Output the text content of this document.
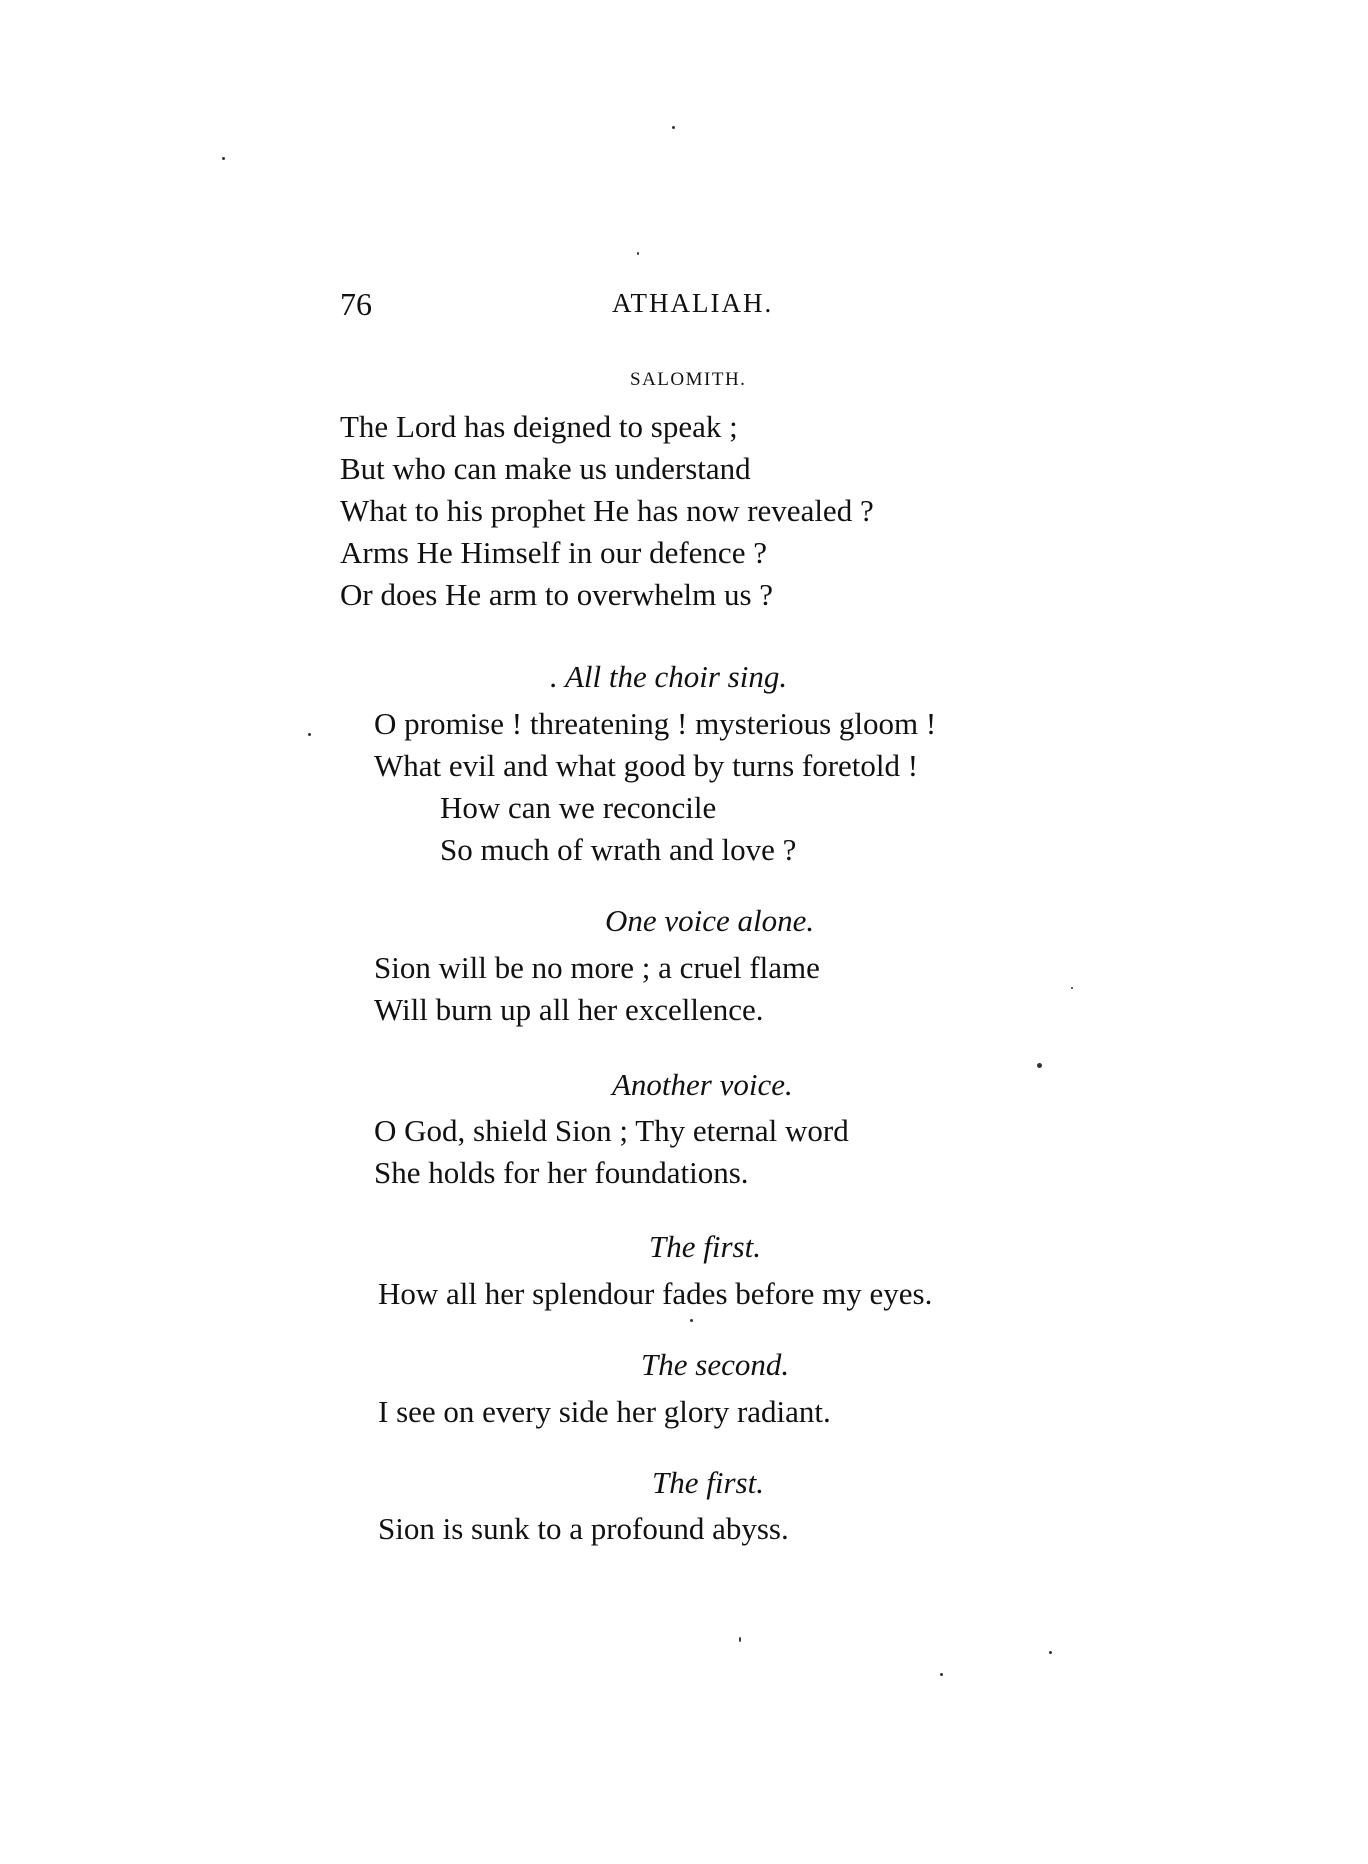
76	ATHALIAH.
SALOMITH.
The Lord has deigned to speak ;
But who can make us understand
What to his prophet He has now revealed ?
Arms He Himself in our defence ?
Or does He arm to overwhelm us ?
. All the choir sing.
O promise ! threatening ! mysterious gloom !
What evil and what good by turns foretold !
How can we reconcile
So much of wrath and love ?
One voice alone.
Sion will be no more ; a cruel flame
Will burn up all her excellence.
Another voice.
O God, shield Sion ; Thy eternal word
She holds for her foundations.
The first.
How all her splendour fades before my eyes.
The second.
I see on every side her glory radiant.
The first.
Sion is sunk to a profound abyss.
